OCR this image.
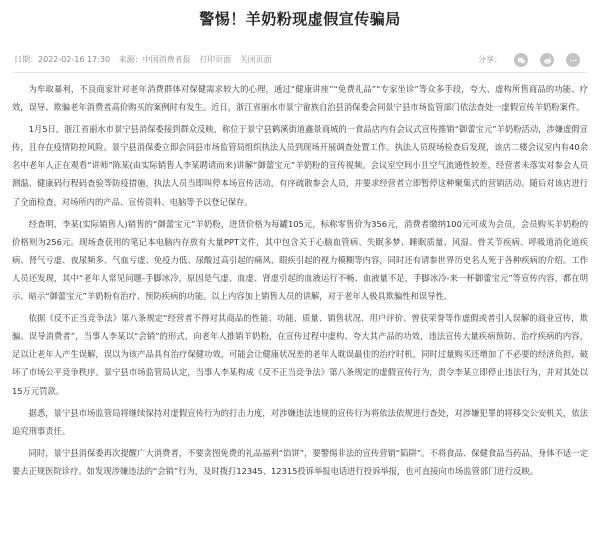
警惕！羊奶粉现虚假宣传骗局
日期：2022-02-16 17:30 来源：中国消费者报 打印页面 关闭页面	分享：

为牟取暴利，不良商家针对老年消费群体对保健需求较大的心理，通过“健康讲座”“免费礼品”“专家坐诊”等众多手段，夸大、虚构所售商品的功能、疗效，误导、欺骗老年消费者高价购买的案例时有发生。近日，浙江省丽水市景宁畲族自治县消保委会同景宁县市场监管部门依法查处一虚假宣传羊奶粉案件。

1月5日，浙江省丽水市景宁县消保委接到群众反映，称位于景宁县鹤溪街道鑫景商城的一食品店内有会议式宣传推销“御蕾宝元”羊奶粉活动，涉嫌虚假宣传，且存在疫情防控风险。景宁县消保委立即会同县市场监管局组织执法人员到现场开展调查处置工作。执法人员现场检查后发现，该店二楼会议室内有40余名中老年人正在观看“讲师”陈某(由实际销售人李某聘请而来)讲解“御蕾宝元”羊奶粉的宣传视频。会议室空间小且空气流通性较差，经营者未落实对参会人员测温、健康码行程码查验等防疫措施，执法人员当即叫停本场宣传活动，有序疏散参会人员，并要求经营者立即暂停这种聚集式的营销活动。随后对该店进行了全面检查，对场所内的产品、宣传资料、电脑等予以登记保存。

经查明，李某(实际销售人)销售的“御蕾宝元”羊奶粉，进货价格为每罐105元，标称零售价为356元，消费者缴纳100元可成为会员，会员购买羊奶粉的价格则为256元。现场查获用的笔记本电脑内存放有大量PPT文件，其中包含关于心脑血管病、失眠多梦、睡眠质量、风湿、骨关节疾病、呼吸道消化道疾病、肾气亏虚、夜尿频多、气血亏虚、免疫力低、尿酸过高引起的痛风、眼疾引起的视力模糊等内容，同时还有请参世界历史名人死于各种疾病的介绍。工作人员还发现，其中“老年人常见问题-手脚冰冷，原因是气虚、血虚、肾虚引起的血液运行不畅、血液量不足，手脚冰冷-来一杯御蕾宝元”等宣传内容，都在明示、暗示“御蕾宝元”羊奶粉有治疗、预防疾病的功能。以上内容加上销售人员的讲解，对于老年人极具欺骗性和误导性。

依据《反不正当竞争法》第八条规定“经营者不得对其商品的性能、功能、质量、销售状况、用户评价、曾获荣誉等作虚假或者引人误解的商业宣传，欺骗、误导消费者”，当事人李某以“会销”的形式，向老年人推销羊奶粉，在宣传过程中虚构、夸大其产品的功效，违法宣传大量疾病预防、治疗疾病的内容，足以让老年人产生误解，误以为该产品具有治疗保健功效，可能会让健康状况差的老年人耽误最佳的治疗时机，同时过量购买还增加了不必要的经济负担，破坏了市场公平竞争秩序。景宁县市场监管局认定，当事人李某构成《反不正当竞争法》第八条规定的虚假宣传行为，责令李某立即停止违法行为，并对其处以15万元罚款。

据悉，景宁县市场监管局将继续保持对虚假宣传行为的打击力度，对涉嫌违法违规的宣传行为将依法依规进行查处，对涉嫌犯罪的将移交公安机关，依法追究刑事责任。

同时，景宁县消保委再次提醒广大消费者，不要贪图免费的礼品福利“馅饼”，要警惕非法的宣传营销“陷阱”。不将食品、保健食品当药品，身体不适一定要去正规医院诊疗。如发现涉嫌违法的“会销”行为，及时拨打12345、12315投诉举报电话进行投诉举报，也可直接向市场监管部门进行反映。
